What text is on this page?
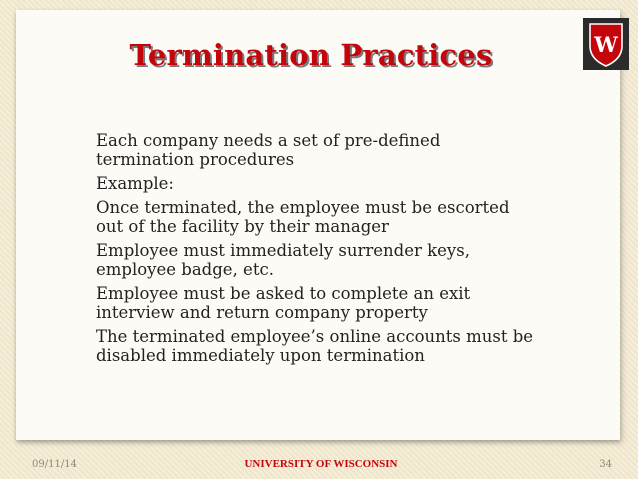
Termination Practices	W
Each company needs a set of pre-defined termination procedures
Example:
Once terminated, the employee must be escorted out of the facility by their manager
Employee must immediately surrender keys, employee badge, etc.
Employee must be asked to complete an exit interview and return company property
The terminated employee’s online accounts must be disabled immediately upon termination
09/11/14	UNIVERSITY OF WISCONSIN	34
